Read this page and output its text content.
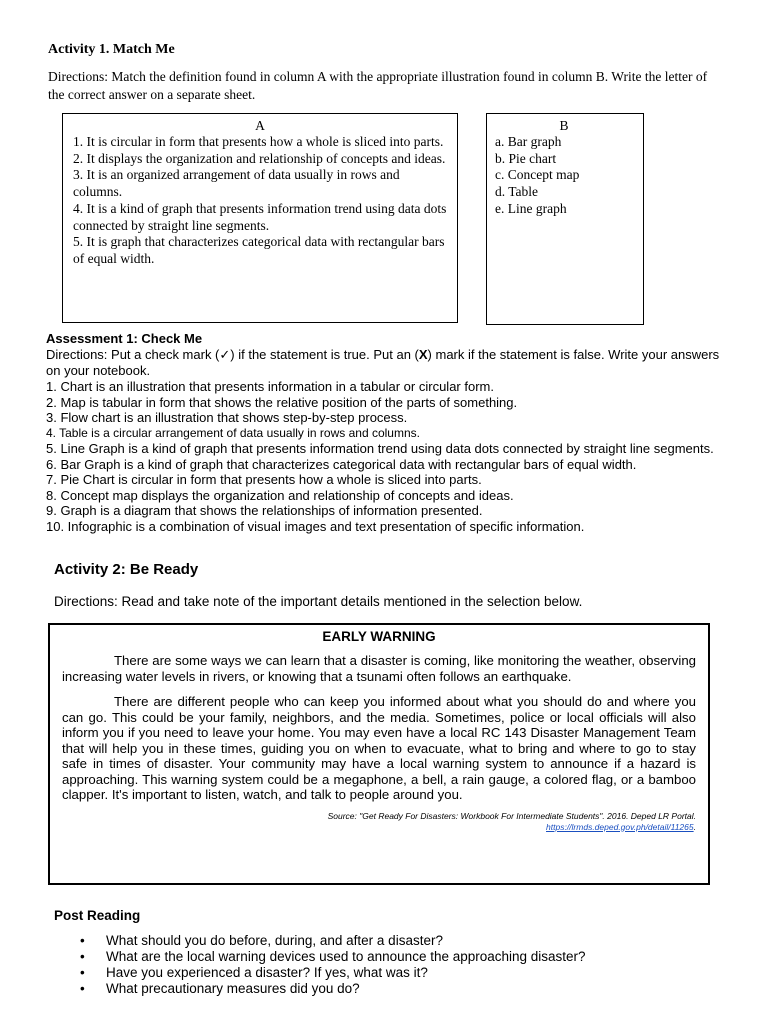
Activity 1. Match Me
Directions: Match the definition found in column A with the appropriate illustration found in column B. Write the letter of the correct answer on a separate sheet.
A
1. It is circular in form that presents how a whole is sliced into parts.
2. It displays the organization and relationship of concepts and ideas.
3. It is an organized arrangement of data usually in rows and columns.
4. It is a kind of graph that presents information trend using data dots connected by straight line segments.
5. It is graph that characterizes categorical data with rectangular bars of equal width.
B
a. Bar graph
b. Pie chart
c. Concept map
d. Table
e. Line graph
Assessment 1: Check Me
Directions: Put a check mark (✓) if the statement is true. Put an (X) mark if the statement is false. Write your answers on your notebook.
1. Chart is an illustration that presents information in a tabular or circular form.
2. Map is tabular in form that shows the relative position of the parts of something.
3. Flow chart is an illustration that shows step-by-step process.
4. Table is a circular arrangement of data usually in rows and columns.
5. Line Graph is a kind of graph that presents information trend using data dots connected by straight line segments.
6. Bar Graph is a kind of graph that characterizes categorical data with rectangular bars of equal width.
7. Pie Chart is circular in form that presents how a whole is sliced into parts.
8. Concept map displays the organization and relationship of concepts and ideas.
9. Graph is a diagram that shows the relationships of information presented.
10. Infographic is a combination of visual images and text presentation of specific information.
Activity 2: Be Ready
Directions: Read and take note of the important details mentioned in the selection below.
EARLY WARNING

There are some ways we can learn that a disaster is coming, like monitoring the weather, observing increasing water levels in rivers, or knowing that a tsunami often follows an earthquake.

There are different people who can keep you informed about what you should do and where you can go. This could be your family, neighbors, and the media. Sometimes, police or local officials will also inform you if you need to leave your home. You may even have a local RC 143 Disaster Management Team that will help you in these times, guiding you on when to evacuate, what to bring and where to go to stay safe in times of disaster. Your community may have a local warning system to announce if a hazard is approaching. This warning system could be a megaphone, a bell, a rain gauge, a colored flag, or a bamboo clapper. It's important to listen, watch, and talk to people around you.

Source: "Get Ready For Disasters: Workbook For Intermediate Students". 2016. Deped LR Portal.
https://lrmds.deped.gov.ph/detail/11265.
Post Reading
• What should you do before, during, and after a disaster?
• What are the local warning devices used to announce the approaching disaster?
• Have you experienced a disaster? If yes, what was it?
• What precautionary measures did you do?
